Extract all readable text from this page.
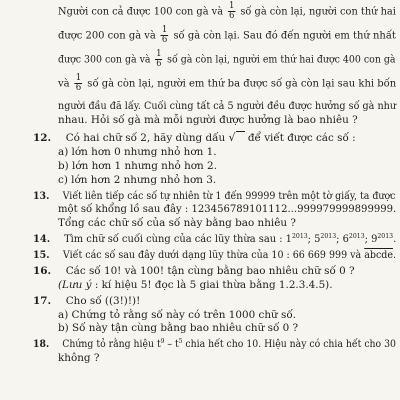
Người con cả được 100 con gà và $\frac{1}{6}$ số gà còn lại, người con thứ hai
được 200 con gà và $\frac{1}{6}$ số gà còn lại. Sau đó đến người em thứ nhất
được 300 con gà và $\frac{1}{6}$ số gà còn lại, người em thứ hai được 400 con gà
và $\frac{1}{6}$ số gà còn lại, người em thứ ba được số gà còn lại sau khi bốn
người đầu đã lấy. Cuối cùng tất cả 5 người đều được hưởng số gà như
nhau. Hỏi số gà mà mỗi người được hưởng là bao nhiêu ?
12. Có hai chữ số 2, hãy dùng dấu √ để viết được các số :
a) lớn hơn 0 nhưng nhỏ hơn 1.
b) lớn hơn 1 nhưng nhỏ hơn 2.
c) lớn hơn 2 nhưng nhỏ hơn 3.
13. Viết liên tiếp các số tự nhiên từ 1 đến 99999 trên một tờ giấy, ta được
một số khổng lồ sau đây : 123456789101112...999979999899999.
Tổng các chữ số của số này bằng bao nhiêu ?
14. Tìm chữ số cuối cùng của các lũy thừa sau : $1^{2013}$; $5^{2013}$; $6^{2013}$; $9^{2013}$.
15. Viết các số sau đây dưới dạng lũy thừa của 10 : 66 669 999 và abcde.
16. Các số 10! và 100! tận cùng bằng bao nhiêu chữ số 0 ?
(Lưu ý : kí hiệu 5! đọc là 5 giai thừa bằng 1.2.3.4.5).
17. Cho số ((3!)!)!
a) Chứng tỏ rằng số này có trên 1000 chữ số.
b) Số này tận cùng bằng bao nhiêu chữ số 0 ?
18. Chứng tỏ rằng hiệu $t^9 - t^5$ chia hết cho 10. Hiệu này có chia hết cho 30
không ?
